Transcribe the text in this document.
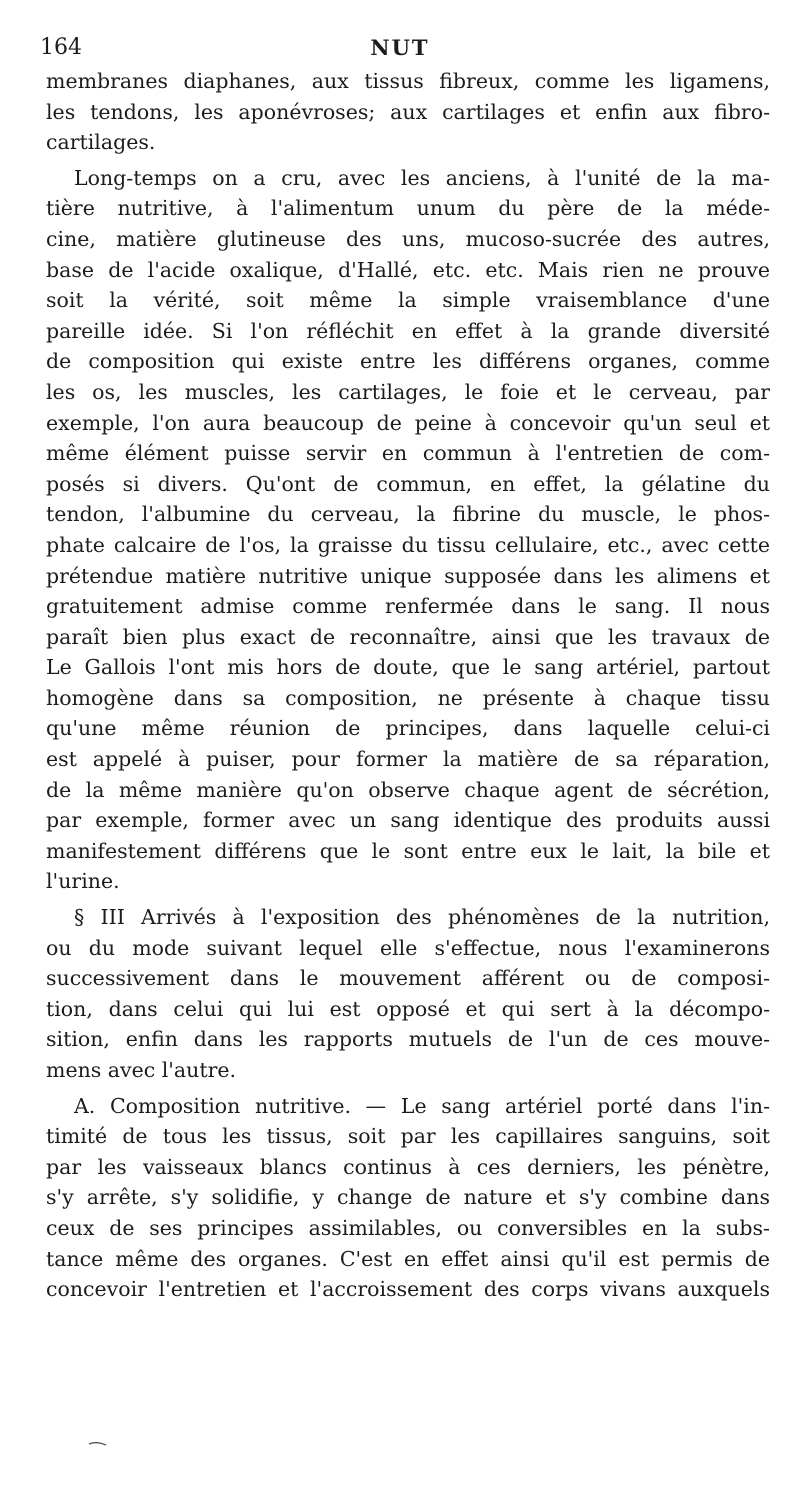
164	NUT
membranes diaphanes, aux tissus fibreux, comme les ligamens,
les tendons, les aponévroses; aux cartilages et enfin aux fibro-
cartilages.
Long-temps on a cru, avec les anciens, à l'unité de la ma-
tière nutritive, à l'alimentum unum du père de la méde-
cine, matière glutineuse des uns, mucoso-sucrée des autres,
base de l'acide oxalique, d'Hallé, etc. etc. Mais rien ne prouve
soit la vérité, soit même la simple vraisemblance d'une
pareille idée. Si l'on réfléchit en effet à la grande diversité
de composition qui existe entre les différens organes, comme
les os, les muscles, les cartilages, le foie et le cerveau, par
exemple, l'on aura beaucoup de peine à concevoir qu'un seul et
même élément puisse servir en commun à l'entretien de com-
posés si divers. Qu'ont de commun, en effet, la gélatine du
tendon, l'albumine du cerveau, la fibrine du muscle, le phos-
phate calcaire de l'os, la graisse du tissu cellulaire, etc., avec cette
prétendue matière nutritive unique supposée dans les alimens et
gratuitement admise comme renfermée dans le sang. Il nous
paraît bien plus exact de reconnaître, ainsi que les travaux de
Le Gallois l'ont mis hors de doute, que le sang artériel, partout
homogène dans sa composition, ne présente à chaque tissu
qu'une même réunion de principes, dans laquelle celui-ci
est appelé à puiser, pour former la matière de sa réparation,
de la même manière qu'on observe chaque agent de sécrétion,
par exemple, former avec un sang identique des produits aussi
manifestement différens que le sont entre eux le lait, la bile et
l'urine.
§ III Arrivés à l'exposition des phénomènes de la nutrition,
ou du mode suivant lequel elle s'effectue, nous l'examinerons
successivement dans le mouvement afférent ou de composi-
tion, dans celui qui lui est opposé et qui sert à la décompo-
sition, enfin dans les rapports mutuels de l'un de ces mouve-
mens avec l'autre.
A. Composition nutritive. — Le sang artériel porté dans l'in-
timité de tous les tissus, soit par les capillaires sanguins, soit
par les vaisseaux blancs continus à ces derniers, les pénètre,
s'y arrête, s'y solidifie, y change de nature et s'y combine dans
ceux de ses principes assimilables, ou conversibles en la subs-
tance même des organes. C'est en effet ainsi qu'il est permis de
concevoir l'entretien et l'accroissement des corps vivans auxquels
